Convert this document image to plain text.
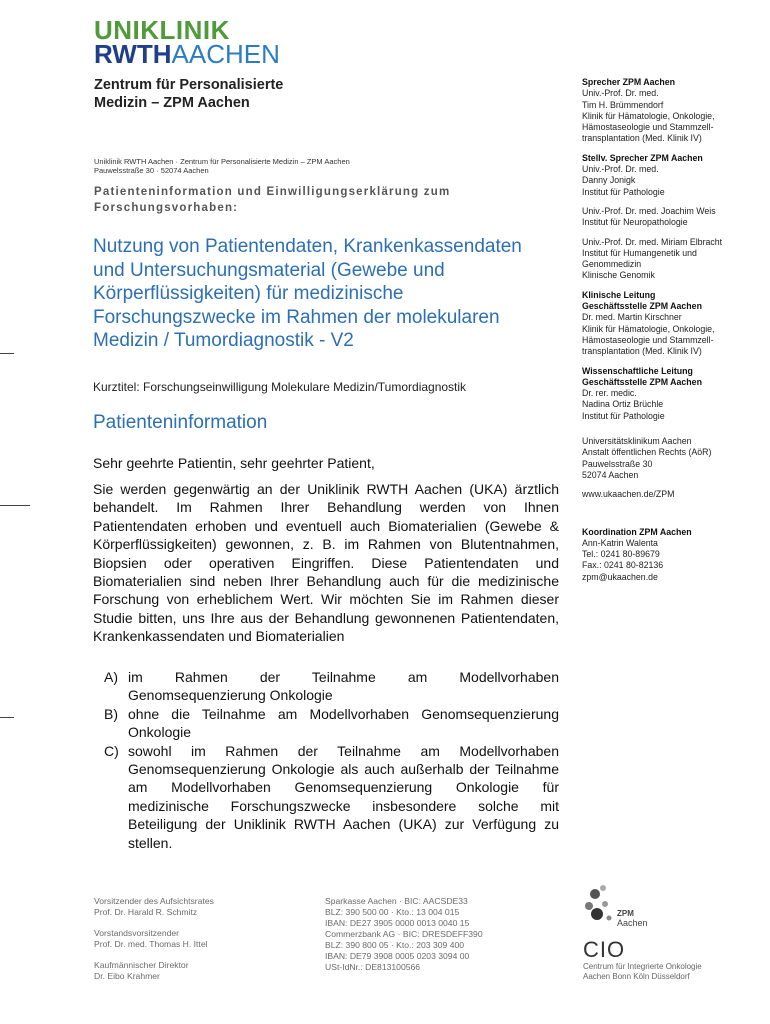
UNIKLINIK
RWTHAACHEN
Zentrum für Personalisierte
Medizin – ZPM Aachen
Uniklinik RWTH Aachen · Zentrum für Personalisierte Medizin – ZPM Aachen
Pauwelsstraße 30 · 52074 Aachen
Patienteninformation und Einwilligungserklärung zum
Forschungsvorhaben:
Nutzung von Patientendaten, Krankenkassendaten
und Untersuchungsmaterial (Gewebe und
Körperflüssigkeiten) für medizinische
Forschungszwecke im Rahmen der molekularen
Medizin / Tumordiagnostik - V2
Kurztitel: Forschungseinwilligung Molekulare Medizin/Tumordiagnostik
Patienteninformation
Sehr geehrte Patientin, sehr geehrter Patient,
Sie werden gegenwärtig an der Uniklinik RWTH Aachen (UKA) ärztlich behandelt. Im Rahmen Ihrer Behandlung werden von Ihnen Patientendaten erhoben und eventuell auch Biomaterialien (Gewebe & Körperflüssigkeiten) gewonnen, z. B. im Rahmen von Blutentnahmen, Biopsien oder operativen Eingriffen. Diese Patientendaten und Biomaterialien sind neben Ihrer Behandlung auch für die medizinische Forschung von erheblichem Wert. Wir möchten Sie im Rahmen dieser Studie bitten, uns Ihre aus der Behandlung gewonnenen Patientendaten, Krankenkassendaten und Biomaterialien
A) im Rahmen der Teilnahme am Modellvorhaben Genomsequenzierung Onkologie
B) ohne die Teilnahme am Modellvorhaben Genomsequenzierung Onkologie
C) sowohl im Rahmen der Teilnahme am Modellvorhaben Genomsequenzierung Onkologie als auch außerhalb der Teilnahme am Modellvorhaben Genomsequenzierung Onkologie für medizinische Forschungszwecke insbesondere solche mit Beteiligung der Uniklinik RWTH Aachen (UKA) zur Verfügung zu stellen.
Sprecher ZPM Aachen
Univ.-Prof. Dr. med.
Tim H. Brümmendorf
Klinik für Hämatologie, Onkologie,
Hämostaseologie und Stammzell-
transplantation (Med. Klinik IV)
Stellv. Sprecher ZPM Aachen
Univ.-Prof. Dr. med.
Danny Jonigk
Institut für Pathologie
Univ.-Prof. Dr. med. Joachim Weis
Institut für Neuropathologie
Univ.-Prof. Dr. med. Miriam Elbracht
Institut für Humangenetik und
Genommedizin
Klinische Genomik
Klinische Leitung
Geschäftsstelle ZPM Aachen
Dr. med. Martin Kirschner
Klinik für Hämatologie, Onkologie,
Hämostaseologie und Stammzell-
transplantation (Med. Klinik IV)
Wissenschaftliche Leitung
Geschäftsstelle ZPM Aachen
Dr. rer. medic.
Nadina Ortiz Brüchle
Institut für Pathologie
Universitätsklinikum Aachen
Anstalt öffentlichen Rechts (AöR)
Pauwelsstraße 30
52074 Aachen
www.ukaachen.de/ZPM
Koordination ZPM Aachen
Ann-Katrin Walenta
Tel.: 0241 80-89679
Fax.: 0241 80-82136
zpm@ukaachen.de
Vorsitzender des Aufsichtsrates
Prof. Dr. Harald R. Schmitz
Vorstandsvorsitzender
Prof. Dr. med. Thomas H. Ittel
Kaufmännischer Direktor
Dr. Eibo Krahmer
Sparkasse Aachen · BIC: AACSDE33
BLZ: 390 500 00 · Kto.: 13 004 015
IBAN: DE27 3905 0000 0013 0040 15
Commerzbank AG · BIC: DRESDEFF390
BLZ: 390 800 05 · Kto.: 203 309 400
IBAN: DE79 3908 0005 0203 3094 00
USt-IdNr.: DE813100566
ZPM
Aachen
CIO
Centrum für Integrierte Onkologie
Aachen Bonn Köln Düsseldorf
